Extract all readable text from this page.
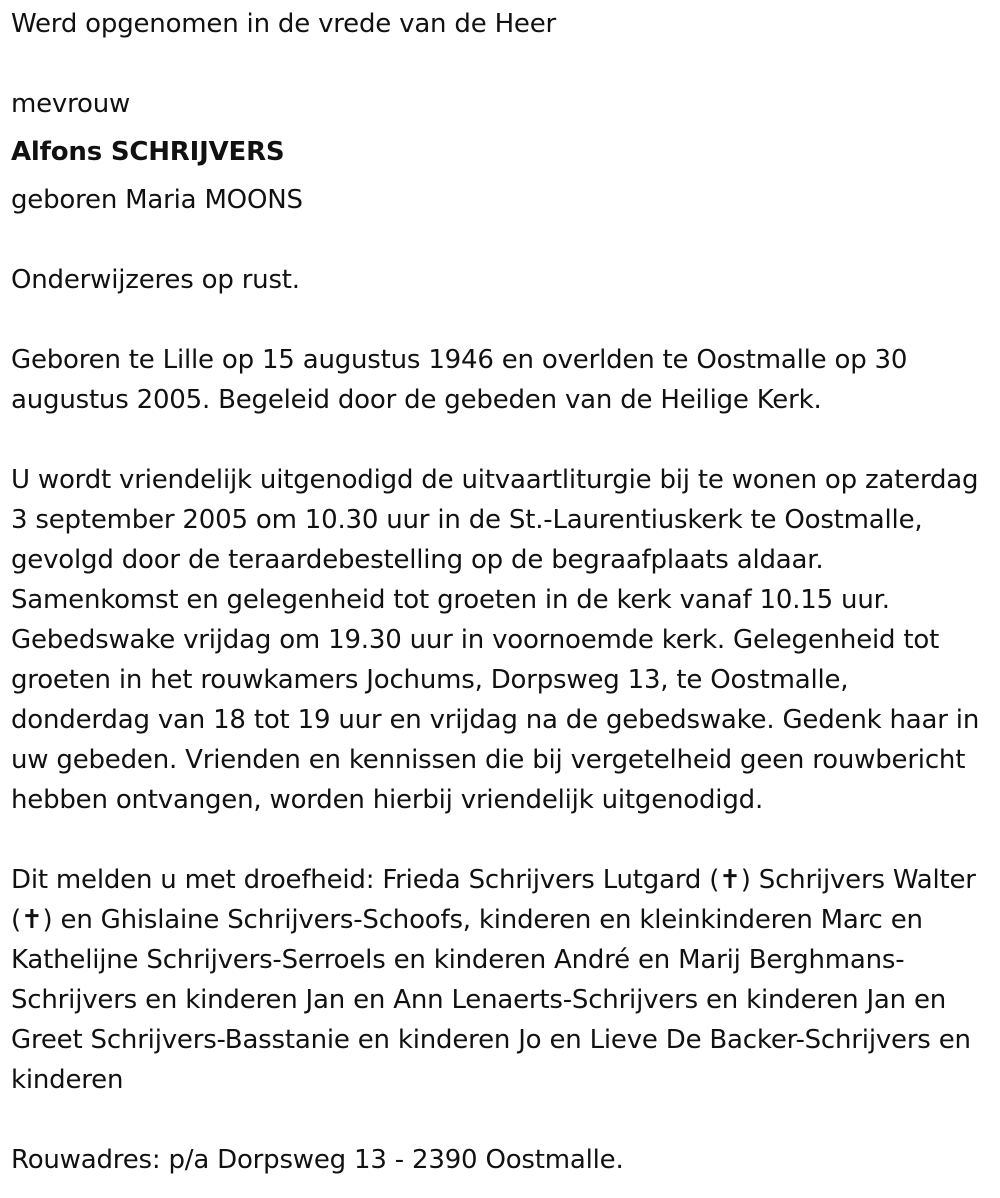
Werd opgenomen in de vrede van de Heer

mevrouw

Alfons SCHRIJVERS

geboren Maria MOONS

Onderwijzeres op rust.

Geboren te Lille op 15 augustus 1946 en overlden te Oostmalle op 30 augustus 2005. Begeleid door de gebeden van de Heilige Kerk.

U wordt vriendelijk uitgenodigd de uitvaartliturgie bij te wonen op zaterdag 3 september 2005 om 10.30 uur in de St.-Laurentiuskerk te Oostmalle, gevolgd door de teraardebestelling op de begraafplaats aldaar. Samenkomst en gelegenheid tot groeten in de kerk vanaf 10.15 uur. Gebedswake vrijdag om 19.30 uur in voornoemde kerk. Gelegenheid tot groeten in het rouwkamers Jochums, Dorpsweg 13, te Oostmalle, donderdag van 18 tot 19 uur en vrijdag na de gebedswake. Gedenk haar in uw gebeden. Vrienden en kennissen die bij vergetelheid geen rouwbericht hebben ontvangen, worden hierbij vriendelijk uitgenodigd.

Dit melden u met droefheid: Frieda Schrijvers Lutgard (✝) Schrijvers Walter (✝) en Ghislaine Schrijvers-Schoofs, kinderen en kleinkinderen Marc en Kathelijne Schrijvers-Serroels en kinderen André en Marij Berghmans-Schrijvers en kinderen Jan en Ann Lenaerts-Schrijvers en kinderen Jan en Greet Schrijvers-Basstanie en kinderen Jo en Lieve De Backer-Schrijvers en kinderen

Rouwadres: p/a Dorpsweg 13 - 2390 Oostmalle.
